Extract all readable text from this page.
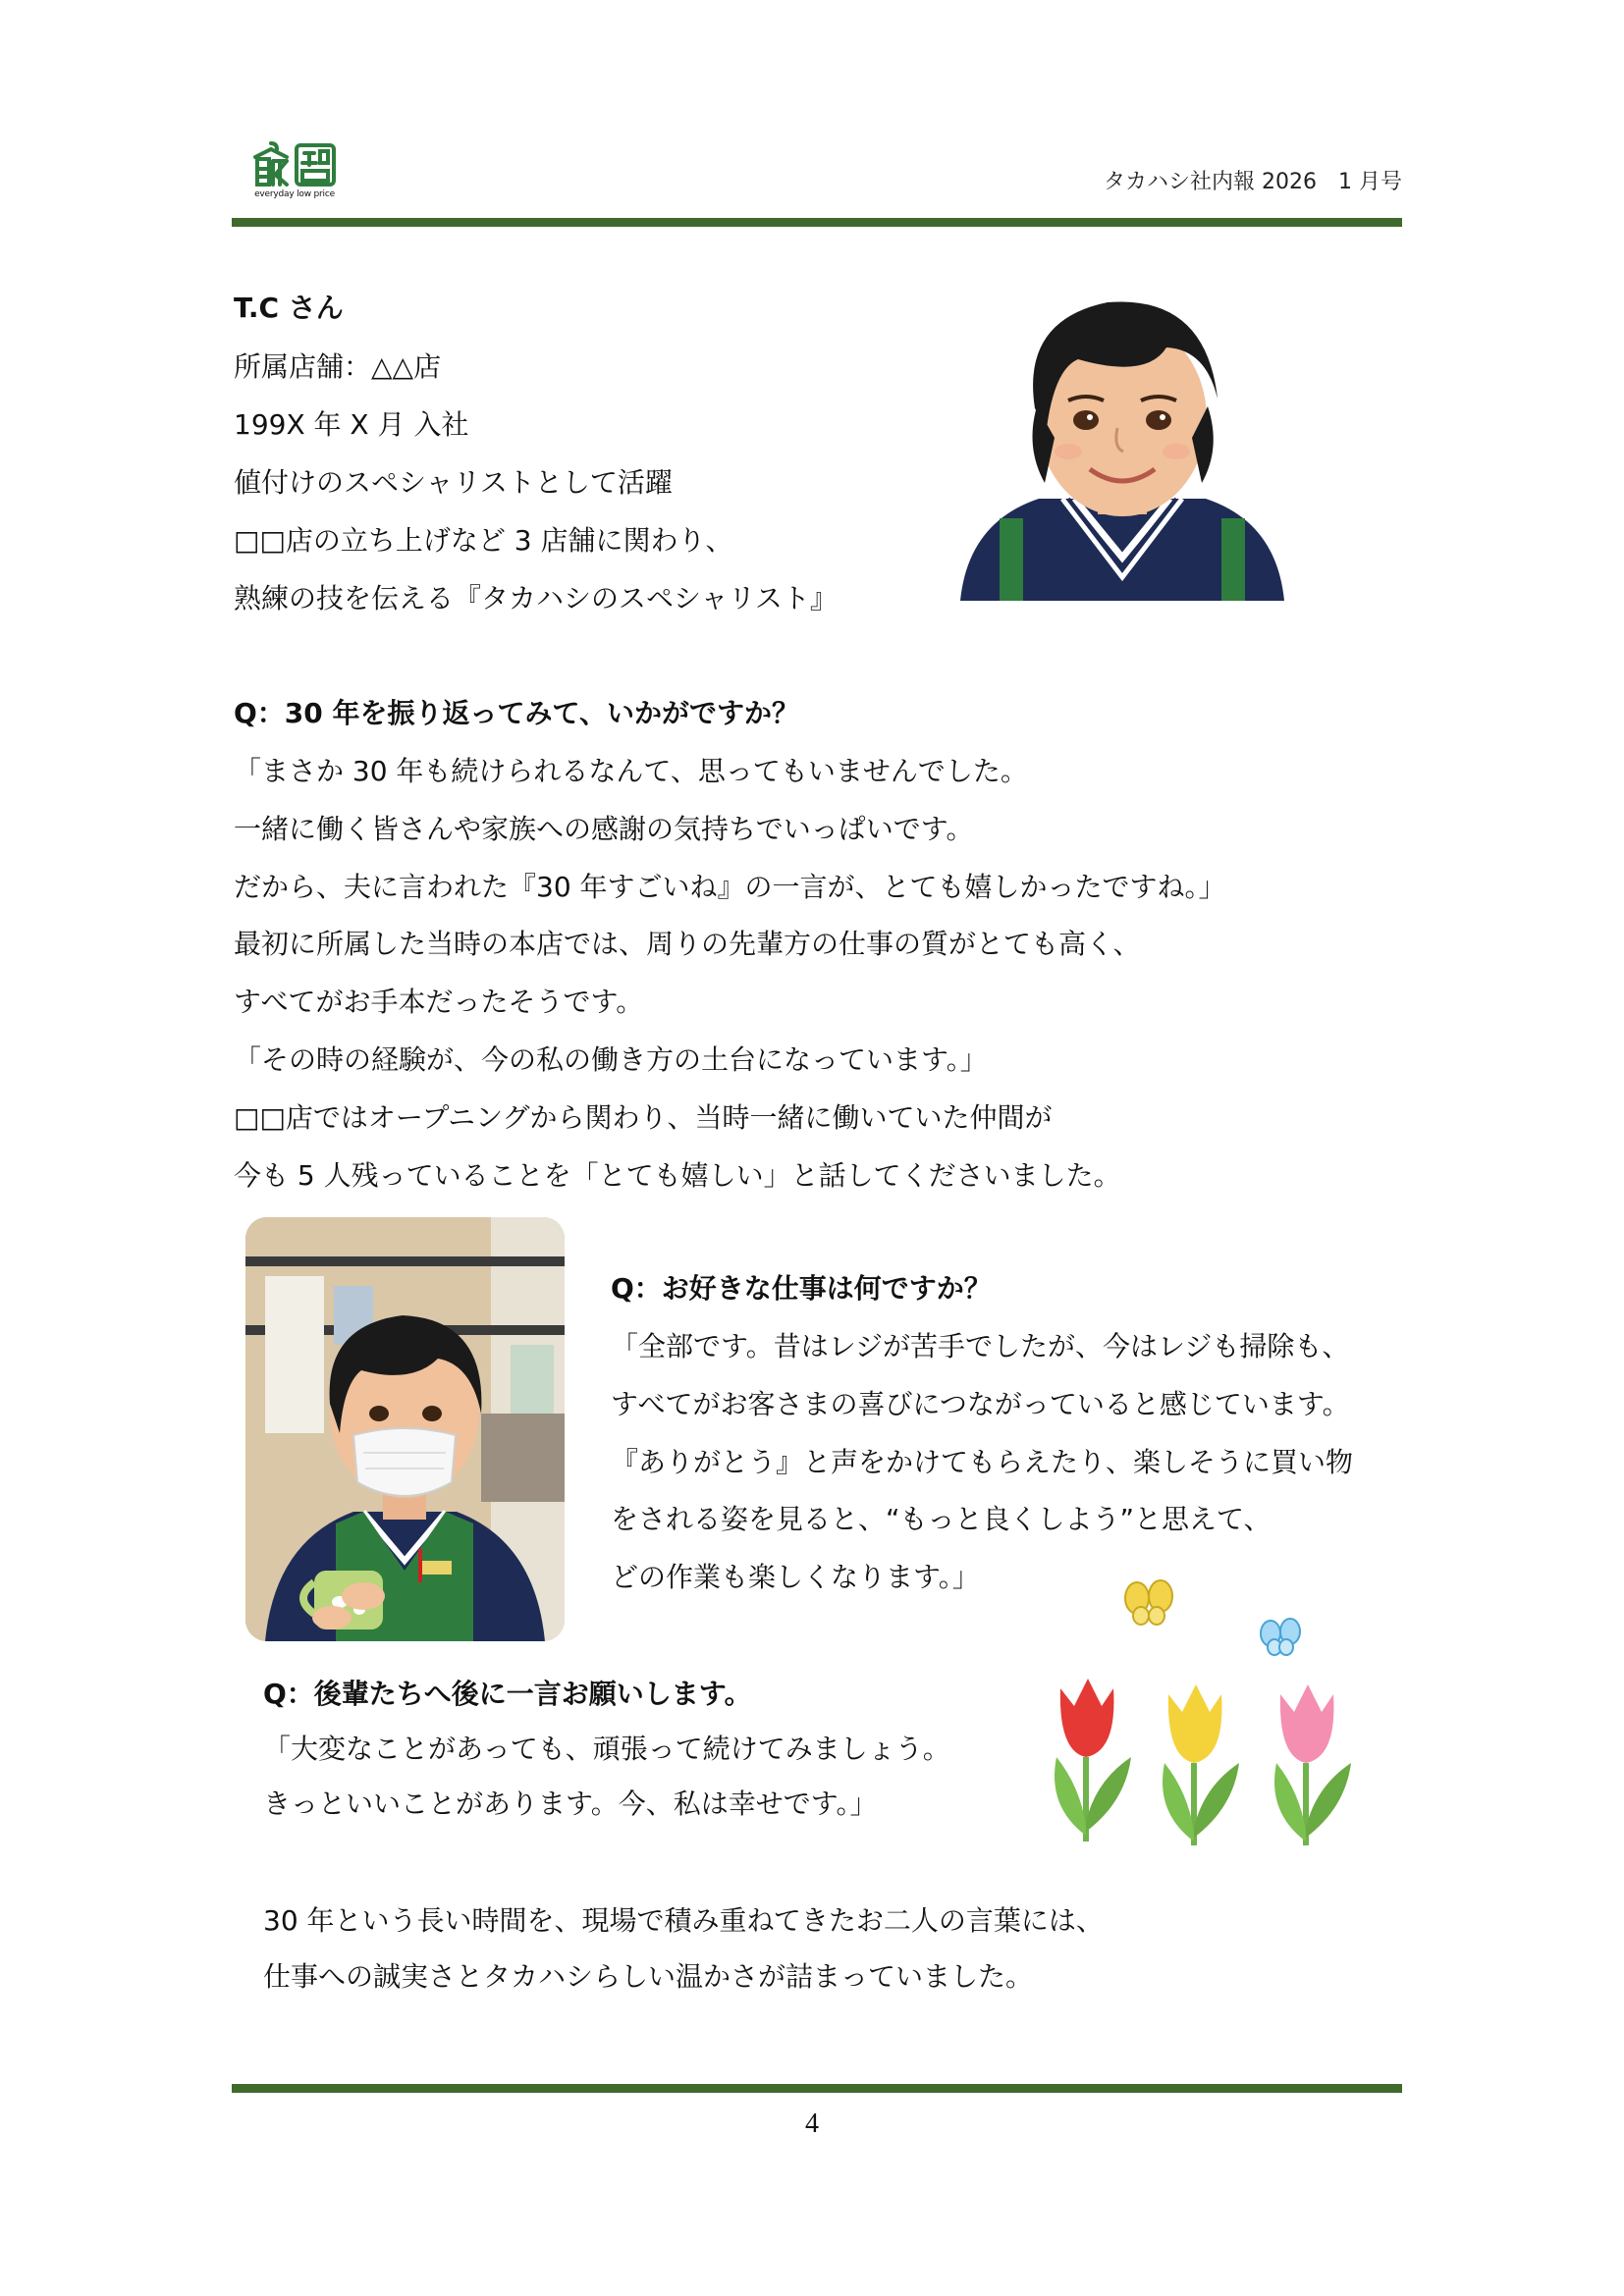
everyday low price	タカハシ社内報 2026　1 月号
T.C さん
所属店舗：△△店
199X 年 X 月 入社
値付けのスペシャリストとして活躍
□□店の立ち上げなど 3 店舗に関わり、
熟練の技を伝える『タカハシのスペシャリスト』
Q：30 年を振り返ってみて、いかがですか？
「まさか 30 年も続けられるなんて、思ってもいませんでした。
一緒に働く皆さんや家族への感謝の気持ちでいっぱいです。
だから、夫に言われた『30 年すごいね』の一言が、とても嬉しかったですね。」
最初に所属した当時の本店では、周りの先輩方の仕事の質がとても高く、
すべてがお手本だったそうです。
「その時の経験が、今の私の働き方の土台になっています。」
□□店ではオープニングから関わり、当時一緒に働いていた仲間が
今も 5 人残っていることを「とても嬉しい」と話してくださいました。
Q：お好きな仕事は何ですか？
「全部です。昔はレジが苦手でしたが、今はレジも掃除も、
すべてがお客さまの喜びにつながっていると感じています。
『ありがとう』と声をかけてもらえたり、楽しそうに買い物
をされる姿を見ると、“もっと良くしよう”と思えて、
どの作業も楽しくなります。」
Q：後輩たちへ後に一言お願いします。
「大変なことがあっても、頑張って続けてみましょう。
きっといいことがあります。今、私は幸せです。」
30 年という長い時間を、現場で積み重ねてきたお二人の言葉には、
仕事への誠実さとタカハシらしい温かさが詰まっていました。
4
